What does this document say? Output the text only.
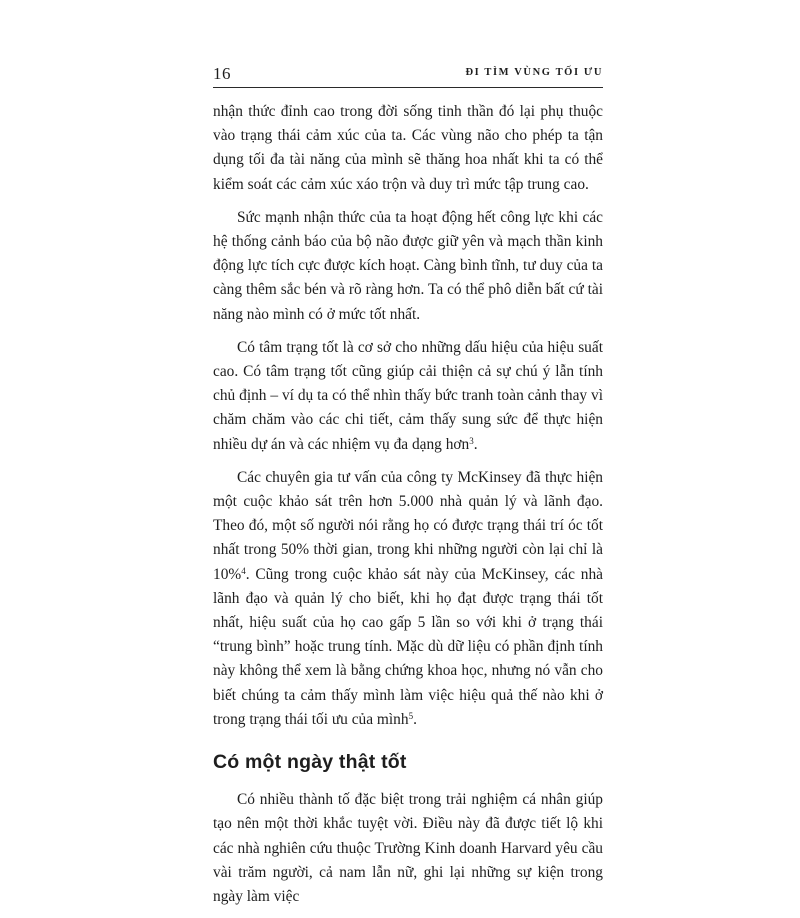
16	ĐI TÌM VÙNG TỐI ƯU

nhận thức đỉnh cao trong đời sống tinh thần đó lại phụ thuộc vào trạng thái cảm xúc của ta. Các vùng não cho phép ta tận dụng tối đa tài năng của mình sẽ thăng hoa nhất khi ta có thể kiểm soát các cảm xúc xáo trộn và duy trì mức tập trung cao.

Sức mạnh nhận thức của ta hoạt động hết công lực khi các hệ thống cảnh báo của bộ não được giữ yên và mạch thần kinh động lực tích cực được kích hoạt. Càng bình tĩnh, tư duy của ta càng thêm sắc bén và rõ ràng hơn. Ta có thể phô diễn bất cứ tài năng nào mình có ở mức tốt nhất.

Có tâm trạng tốt là cơ sở cho những dấu hiệu của hiệu suất cao. Có tâm trạng tốt cũng giúp cải thiện cả sự chú ý lẫn tính chủ định – ví dụ ta có thể nhìn thấy bức tranh toàn cảnh thay vì chăm chăm vào các chi tiết, cảm thấy sung sức để thực hiện nhiều dự án và các nhiệm vụ đa dạng hơn$^3$.

Các chuyên gia tư vấn của công ty McKinsey đã thực hiện một cuộc khảo sát trên hơn 5.000 nhà quản lý và lãnh đạo. Theo đó, một số người nói rằng họ có được trạng thái trí óc tốt nhất trong 50% thời gian, trong khi những người còn lại chỉ là 10%$^4$. Cũng trong cuộc khảo sát này của McKinsey, các nhà lãnh đạo và quản lý cho biết, khi họ đạt được trạng thái tốt nhất, hiệu suất của họ cao gấp 5 lần so với khi ở trạng thái “trung bình” hoặc trung tính. Mặc dù dữ liệu có phần định tính này không thể xem là bằng chứng khoa học, nhưng nó vẫn cho biết chúng ta cảm thấy mình làm việc hiệu quả thế nào khi ở trong trạng thái tối ưu của mình$^5$.

Có một ngày thật tốt

Có nhiều thành tố đặc biệt trong trải nghiệm cá nhân giúp tạo nên một thời khắc tuyệt vời. Điều này đã được tiết lộ khi các nhà nghiên cứu thuộc Trường Kinh doanh Harvard yêu cầu vài trăm người, cả nam lẫn nữ, ghi lại những sự kiện trong ngày làm việc
